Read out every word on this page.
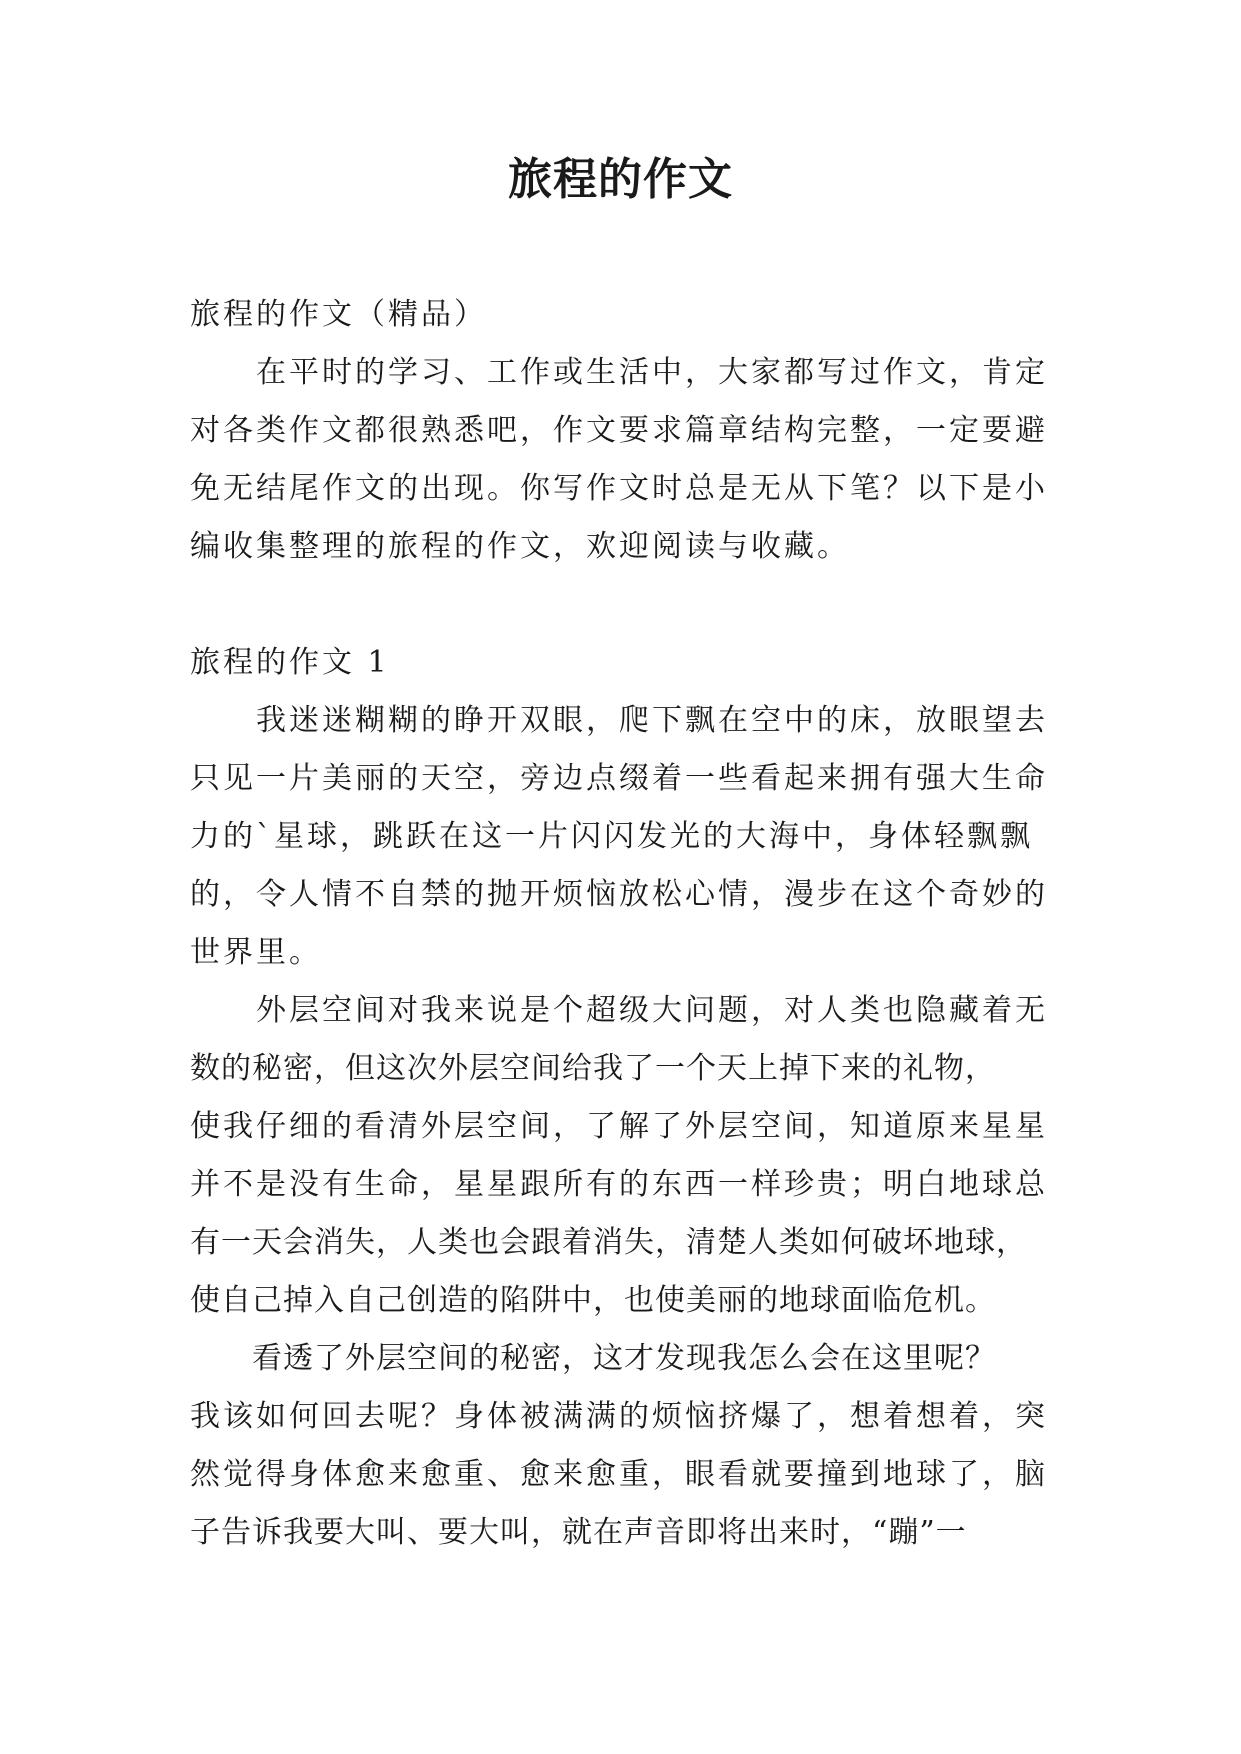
旅程的作文
旅程的作文（精品）
　　在平时的学习、工作或生活中，大家都写过作文，肯定
对各类作文都很熟悉吧，作文要求篇章结构完整，一定要避
免无结尾作文的出现。你写作文时总是无从下笔？以下是小
编收集整理的旅程的作文，欢迎阅读与收藏。
旅程的作文 1
　　我迷迷糊糊的睁开双眼，爬下飘在空中的床，放眼望去
只见一片美丽的天空，旁边点缀着一些看起来拥有强大生命
力的`星球，跳跃在这一片闪闪发光的大海中，身体轻飘飘
的，令人情不自禁的抛开烦恼放松心情，漫步在这个奇妙的
世界里。
　　外层空间对我来说是个超级大问题，对人类也隐藏着无
数的秘密，但这次外层空间给我了一个天上掉下来的礼物，
使我仔细的看清外层空间，了解了外层空间，知道原来星星
并不是没有生命，星星跟所有的东西一样珍贵；明白地球总
有一天会消失，人类也会跟着消失，清楚人类如何破坏地球，
使自己掉入自己创造的陷阱中，也使美丽的地球面临危机。
　　看透了外层空间的秘密，这才发现我怎么会在这里呢？
我该如何回去呢？身体被满满的烦恼挤爆了，想着想着，突
然觉得身体愈来愈重、愈来愈重，眼看就要撞到地球了，脑
子告诉我要大叫、要大叫，就在声音即将出来时，“蹦”一
